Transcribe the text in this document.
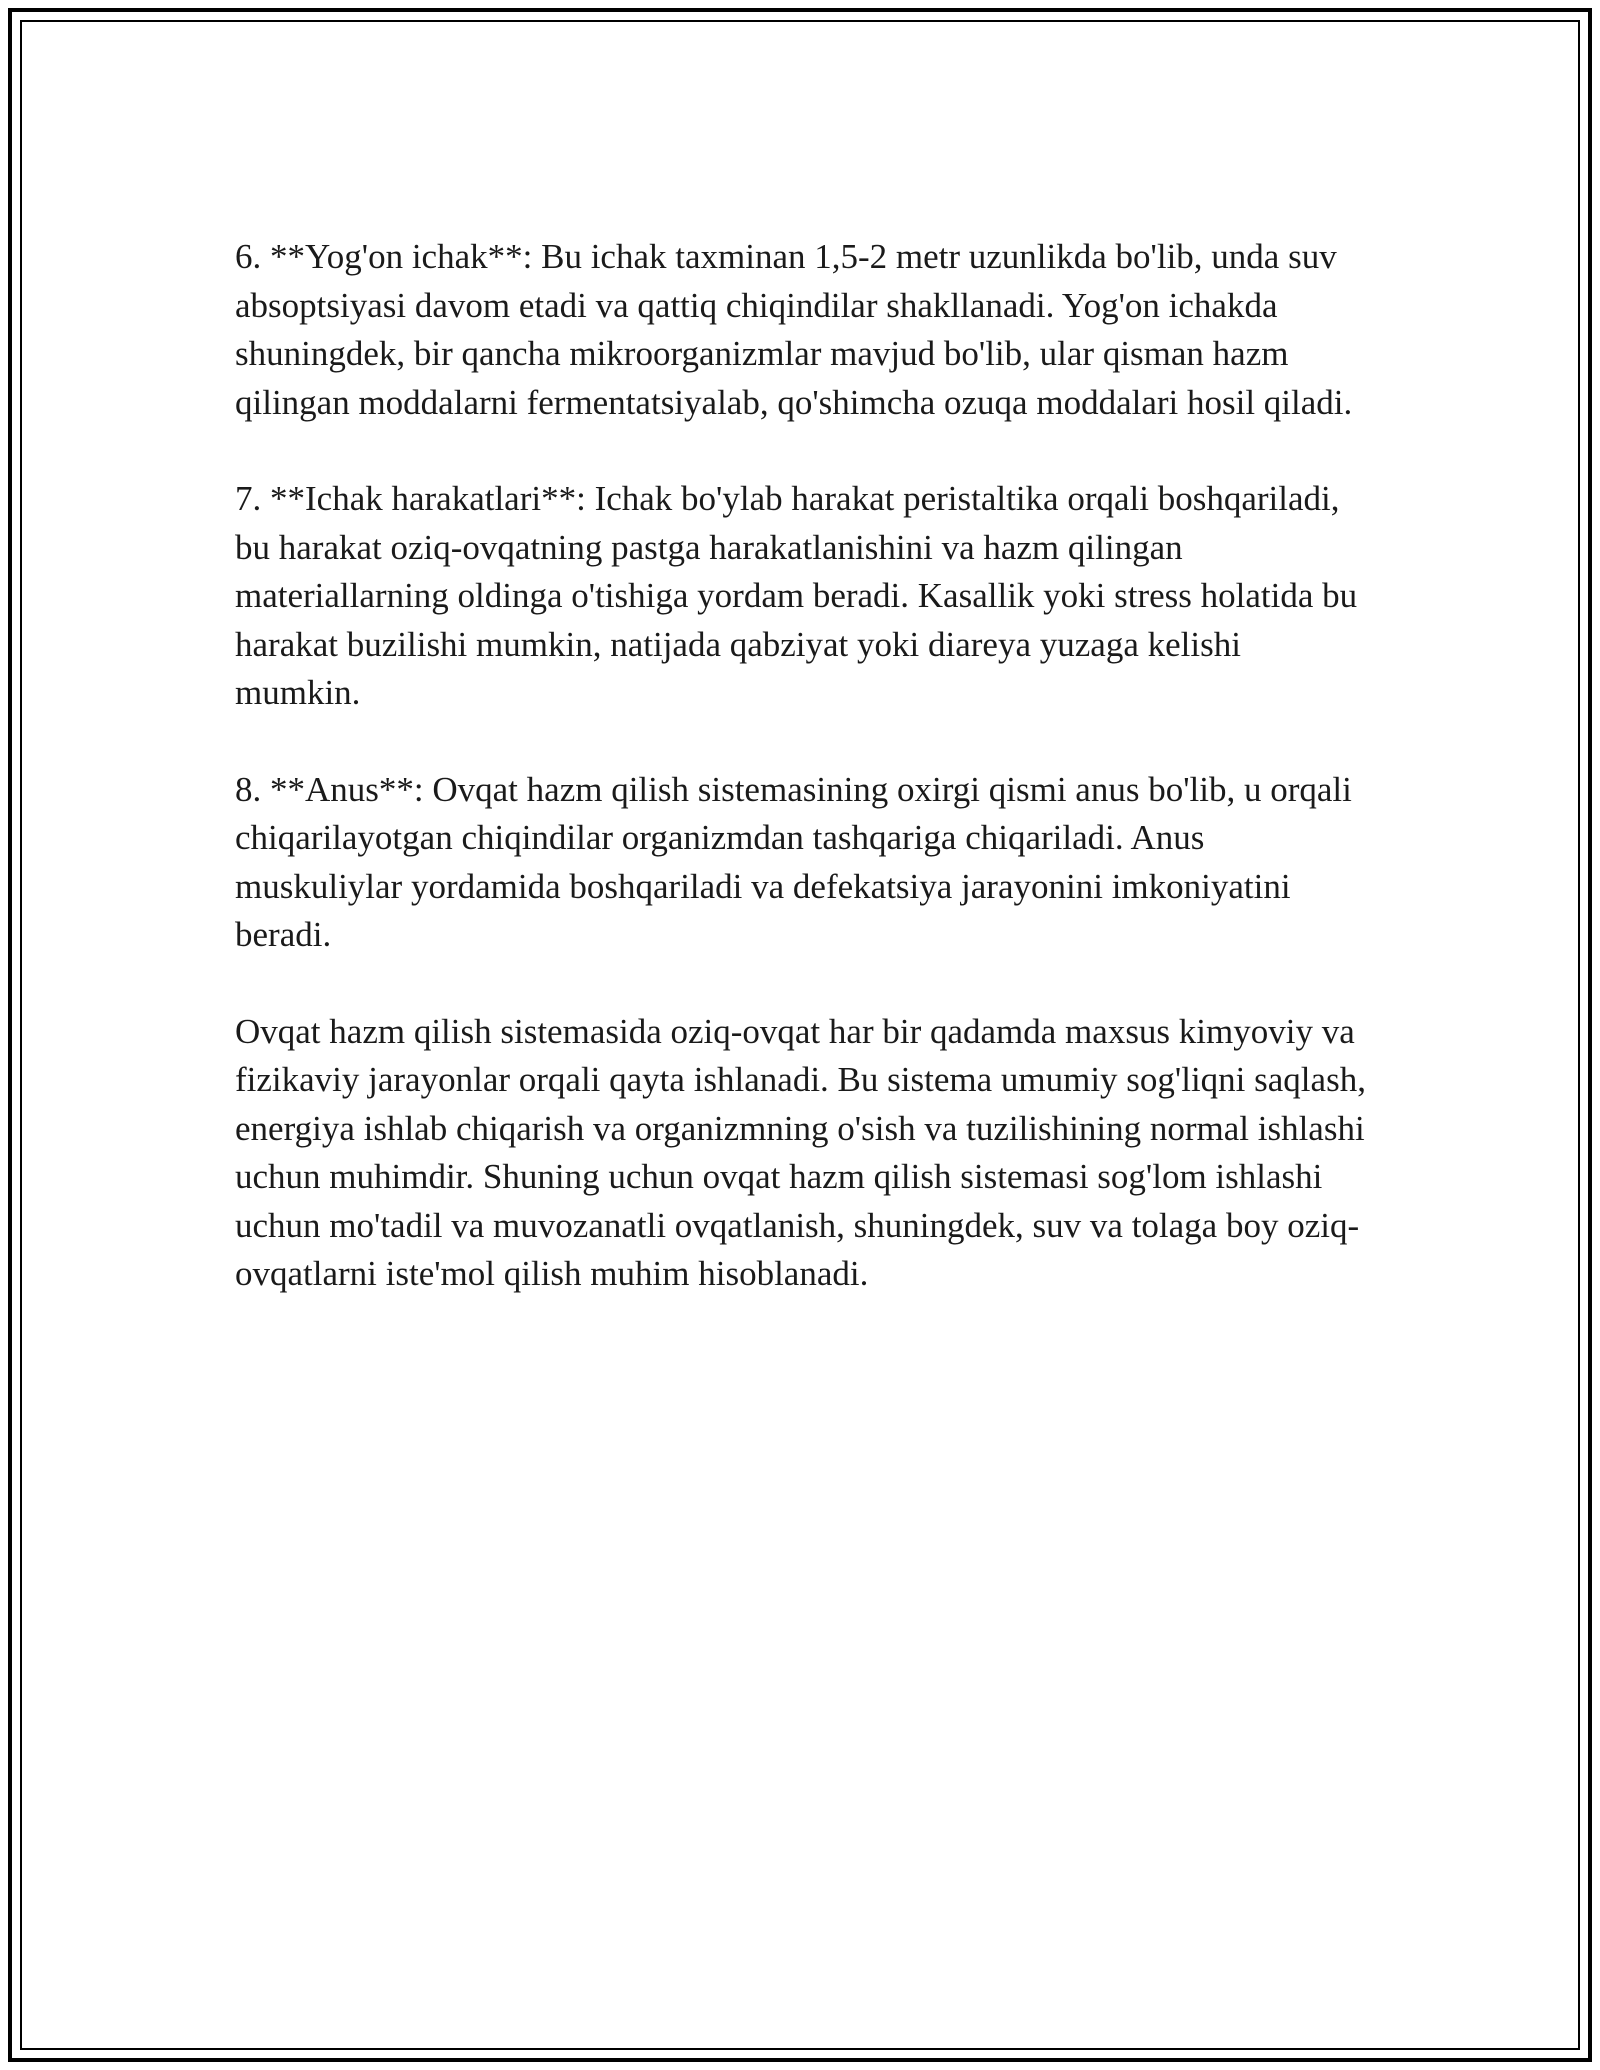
6. **Yog'on ichak**: Bu ichak taxminan 1,5-2 metr uzunlikda bo'lib, unda suv absoptsiyasi davom etadi va qattiq chiqindilar shakllanadi. Yog'on ichakda shuningdek, bir qancha mikroorganizmlar mavjud bo'lib, ular qisman hazm qilingan moddalarni fermentatsiyalab, qo'shimcha ozuqa moddalari hosil qiladi.

7. **Ichak harakatlari**: Ichak bo'ylab harakat peristaltika orqali boshqariladi, bu harakat oziq-ovqatning pastga harakatlanishini va hazm qilingan materiallarning oldinga o'tishiga yordam beradi. Kasallik yoki stress holatida bu harakat buzilishi mumkin, natijada qabziyat yoki diareya yuzaga kelishi mumkin.

8. **Anus**: Ovqat hazm qilish sistemasining oxirgi qismi anus bo'lib, u orqali chiqarilayotgan chiqindilar organizmdan tashqariga chiqariladi. Anus muskuliylar yordamida boshqariladi va defekatsiya jarayonini imkoniyatini beradi.

Ovqat hazm qilish sistemasida oziq-ovqat har bir qadamda maxsus kimyoviy va fizikaviy jarayonlar orqali qayta ishlanadi. Bu sistema umumiy sog'liqni saqlash, energiya ishlab chiqarish va organizmning o'sish va tuzilishining normal ishlashi uchun muhimdir. Shuning uchun ovqat hazm qilish sistemasi sog'lom ishlashi uchun mo'tadil va muvozanatli ovqatlanish, shuningdek, suv va tolaga boy oziq-ovqatlarni iste'mol qilish muhim hisoblanadi.
